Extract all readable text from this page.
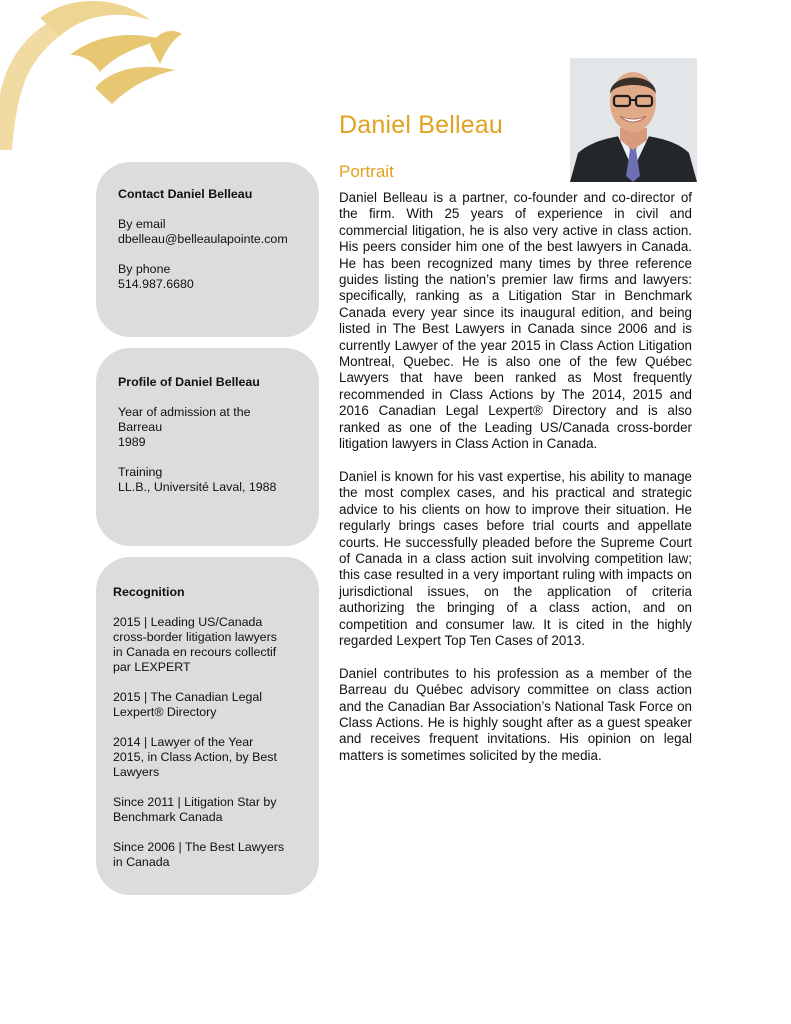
Daniel Belleau
Portrait

Daniel Belleau is a partner, co-founder and co-director of the firm. With 25 years of experience in civil and commercial litigation, he is also very active in class action. His peers consider him one of the best lawyers in Canada. He has been recognized many times by three reference guides listing the nation’s premier law firms and lawyers: specifically, ranking as a Litigation Star in Benchmark Canada every year since its inaugural edition, and being listed in The Best Lawyers in Canada since 2006 and is currently Lawyer of the year 2015 in Class Action Litigation Montreal, Quebec. He is also one of the few Québec Lawyers that have been ranked as Most frequently recommended in Class Actions by The 2014, 2015 and 2016 Canadian Legal Lexpert® Directory and is also ranked as one of the Leading US/Canada cross-border litigation lawyers in Class Action in Canada.

Daniel is known for his vast expertise, his ability to manage the most complex cases, and his practical and strategic advice to his clients on how to improve their situation. He regularly brings cases before trial courts and appellate courts. He successfully pleaded before the Supreme Court of Canada in a class action suit involving competition law; this case resulted in a very important ruling with impacts on jurisdictional issues, on the application of criteria authorizing the bringing of a class action, and on competition and consumer law. It is cited in the highly regarded Lexpert Top Ten Cases of 2013.

Daniel contributes to his profession as a member of the Barreau du Québec advisory committee on class action and the Canadian Bar Association’s National Task Force on Class Actions. He is highly sought after as a guest speaker and receives frequent invitations. His opinion on legal matters is sometimes solicited by the media.

Contact Daniel Belleau
By email
dbelleau@belleaulapointe.com
By phone
514.987.6680
Profile of Daniel Belleau
Year of admission at the
Barreau
1989
Training
LL.B., Université Laval, 1988
Recognition
2015 | Leading US/Canada
cross-border litigation lawyers
in Canada en recours collectif
par LEXPERT
2015 | The Canadian Legal
Lexpert® Directory
2014 | Lawyer of the Year
2015, in Class Action, by Best
Lawyers
Since 2011 | Litigation Star by
Benchmark Canada
Since 2006 | The Best Lawyers
in Canada
